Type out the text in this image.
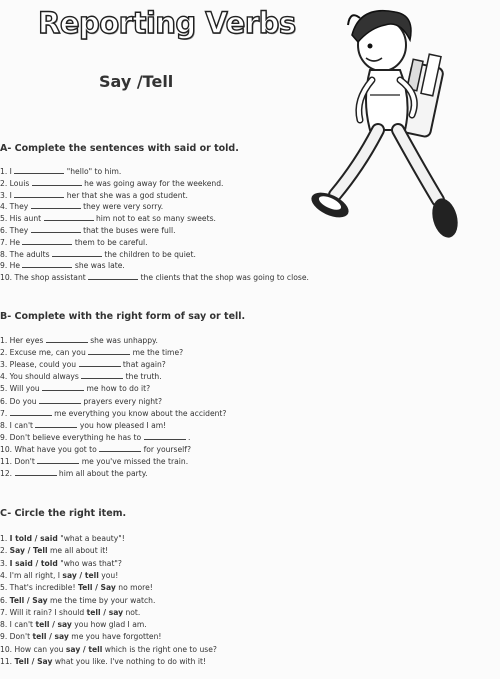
Reporting Verbs
Say /Tell
A- Complete the sentences with said or told.
1. I	"hello" to him.
2. Louis	he was going away for the weekend.
3. I	her that she was a god student.
4. They	they were very sorry.
5. His aunt	him not to eat so many sweets.
6. They	that the buses were full.
7. He	them to be careful.
8. The adults	the children to be quiet.
9. He	she was late.
10. The shop assistant	the clients that the shop was going to close.
B- Complete with the right form of say or tell.
1. Her eyes	she was unhappy.
2. Excuse me, can you	me the time?
3. Please, could you	that again?
4. You should always	the truth.
5. Will you	me how to do it?
6. Do you	prayers every night?
7.	me everything you know about the accident?
8. I can't	you how pleased I am!
9. Don't believe everything he has to	.
10. What have you got to	for yourself?
11. Don't	me you've missed the train.
12.	him all about the party.
C- Circle the right item.
1. I told / said "what a beauty"!
2. Say / Tell me all about it!
3. I said / told "who was that"?
4. I'm all right, I say / tell you!
5. That's incredible! Tell / Say no more!
6. Tell / Say me the time by your watch.
7. Will it rain? I should tell / say not.
8. I can't tell / say you how glad I am.
9. Don't tell / say me you have forgotten!
10. How can you say / tell which is the right one to use?
11. Tell / Say what you like. I've nothing to do with it!
